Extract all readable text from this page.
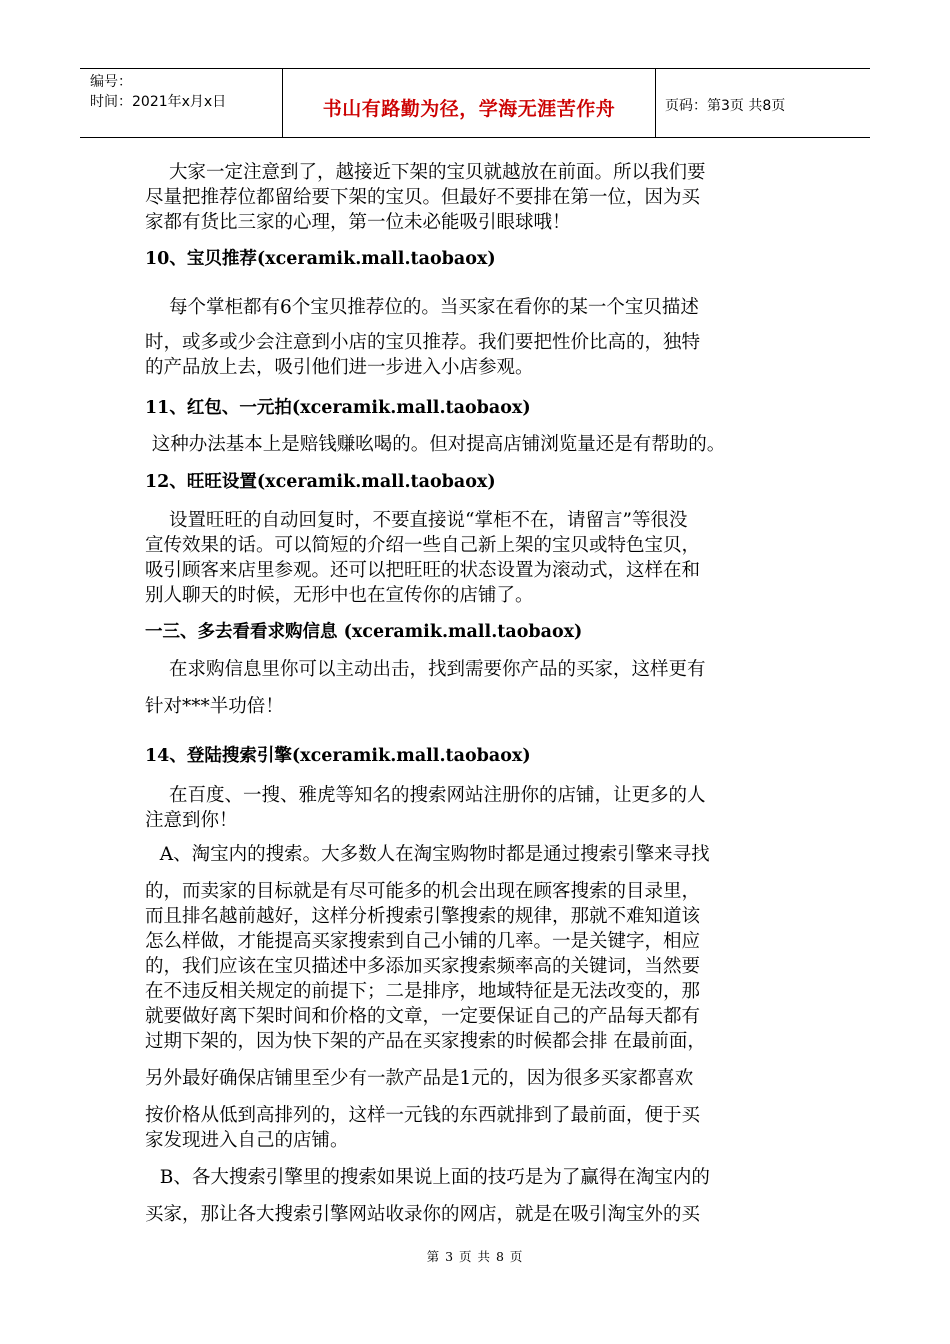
编号：
时间：2021年x月x日	书山有路勤为径，学海无涯苦作舟	页码：第3页 共8页
大家一定注意到了，越接近下架的宝贝就越放在前面。所以我们要
尽量把推荐位都留给要下架的宝贝。但最好不要排在第一位，因为买
家都有货比三家的心理，第一位未必能吸引眼球哦！
10、宝贝推荐(xceramik.mall.taobaox)
每个掌柜都有6个宝贝推荐位的。当买家在看你的某一个宝贝描述
时，或多或少会注意到小店的宝贝推荐。我们要把性价比高的，独特
的产品放上去，吸引他们进一步进入小店参观。
11、红包、一元拍(xceramik.mall.taobaox)
这种办法基本上是赔钱赚吆喝的。但对提高店铺浏览量还是有帮助的。
12、旺旺设置(xceramik.mall.taobaox)
设置旺旺的自动回复时，不要直接说“掌柜不在，请留言”等很没
宣传效果的话。可以简短的介绍一些自己新上架的宝贝或特色宝贝，
吸引顾客来店里参观。还可以把旺旺的状态设置为滚动式，这样在和
别人聊天的时候，无形中也在宣传你的店铺了。
一三、多去看看求购信息 (xceramik.mall.taobaox)
在求购信息里你可以主动出击，找到需要你产品的买家，这样更有
针对***半功倍！
14、登陆搜索引擎(xceramik.mall.taobaox)
在百度、一搜、雅虎等知名的搜索网站注册你的店铺，让更多的人
注意到你！
A、淘宝内的搜索。大多数人在淘宝购物时都是通过搜索引擎来寻找
的，而卖家的目标就是有尽可能多的机会出现在顾客搜索的目录里，
而且排名越前越好，这样分析搜索引擎搜索的规律，那就不难知道该
怎么样做，才能提高买家搜索到自己小铺的几率。一是关键字，相应
的，我们应该在宝贝描述中多添加买家搜索频率高的关键词，当然要
在不违反相关规定的前提下；二是排序，地域特征是无法改变的，那
就要做好离下架时间和价格的文章，一定要保证自己的产品每天都有
过期下架的，因为快下架的产品在买家搜索的时候都会排 在最前面，
另外最好确保店铺里至少有一款产品是1元的，因为很多买家都喜欢
按价格从低到高排列的，这样一元钱的东西就排到了最前面，便于买
家发现进入自己的店铺。
B、各大搜索引擎里的搜索如果说上面的技巧是为了赢得在淘宝内的
买家，那让各大搜索引擎网站收录你的网店，就是在吸引淘宝外的买
第 3 页 共 8 页
